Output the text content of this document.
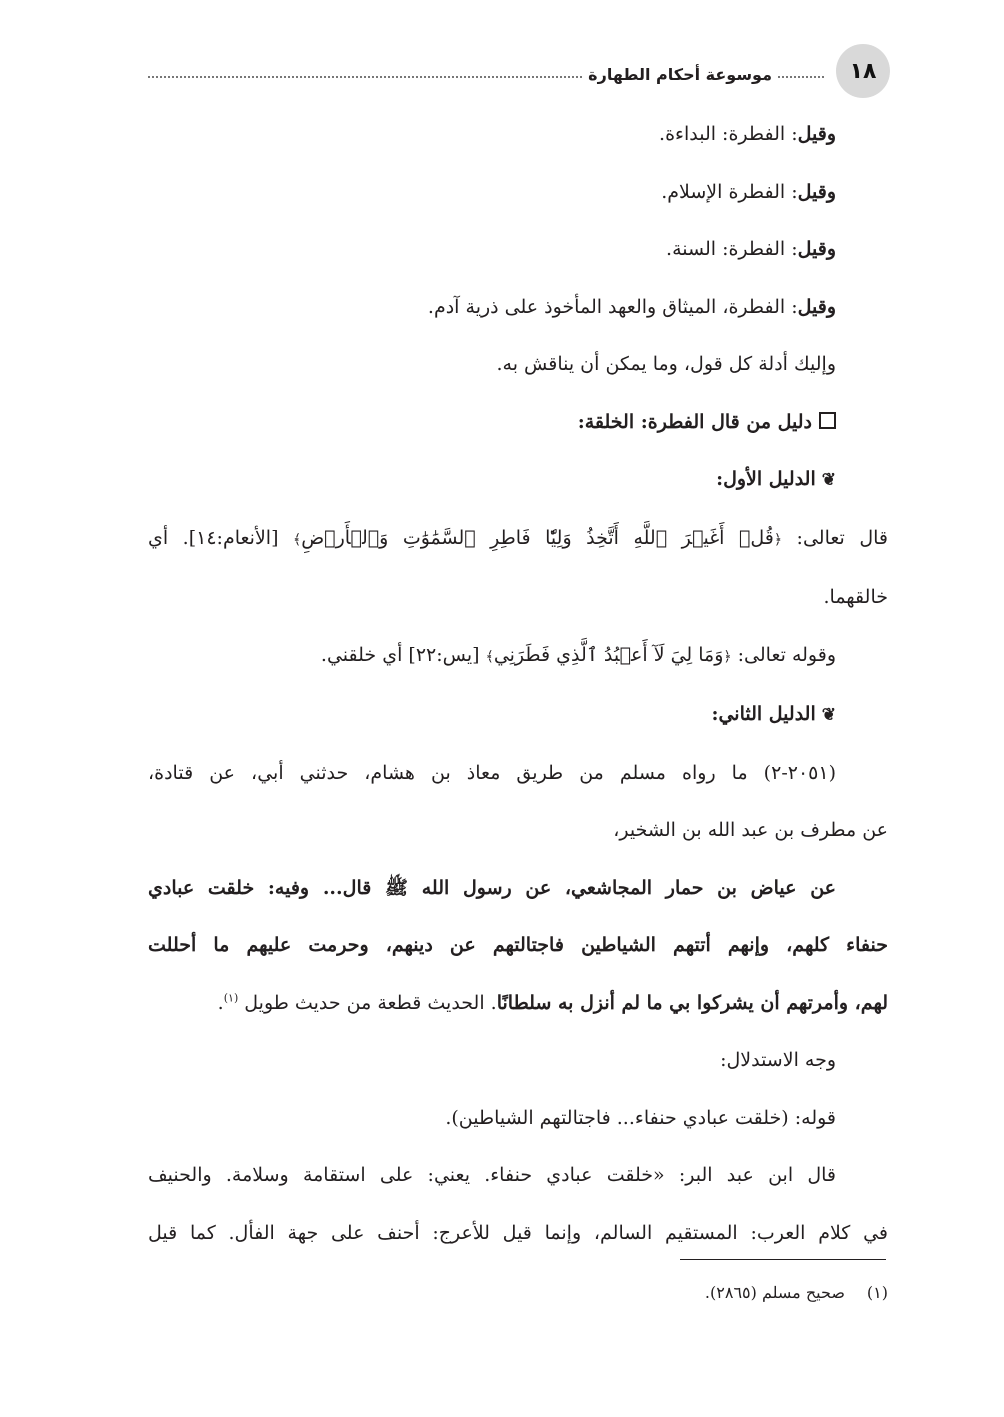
١٨
موسوعة أحكام الطهارة

وقيل: الفطرة: البداءة.

وقيل: الفطرة الإسلام.

وقيل: الفطرة: السنة.

وقيل: الفطرة، الميثاق والعهد المأخوذ على ذرية آدم.

وإليك أدلة كل قول، وما يمكن أن يناقش به.

دليل من قال الفطرة: الخلقة:

❦الدليل الأول:

قال تعالى: ﴿قُلۡ أَغَيۡرَ ٱللَّهِ أَتَّخِذُ وَلِيّٗا فَاطِرِ ٱلسَّمَٰوَٰتِ وَٱلۡأَرۡضِ﴾ [الأنعام:١٤]. أي

خالقهما.

وقوله تعالى: ﴿وَمَا لِيَ لَآ أَعۡبُدُ ٱلَّذِي فَطَرَنِي﴾ [يس:٢٢] أي خلقني.

❦الدليل الثاني:

(٢٠٥١-٢) ما رواه مسلم من طريق معاذ بن هشام، حدثني أبي، عن قتادة،

عن مطرف بن عبد الله بن الشخير،

عن عياض بن حمار المجاشعي، عن رسول الله ﷺ قال... وفيه: خلقت عبادي

حنفاء كلهم، وإنهم أتتهم الشياطين فاجتالتهم عن دينهم، وحرمت عليهم ما أحللت

لهم، وأمرتهم أن يشركوا بي ما لم أنزل به سلطانًا. الحديث قطعة من حديث طويل $^{(١)}$.

وجه الاستدلال:

قوله: (خلقت عبادي حنفاء... فاجتالتهم الشياطين).

قال ابن عبد البر: «خلقت عبادي حنفاء. يعني: على استقامة وسلامة. والحنيف

في كلام العرب: المستقيم السالم، وإنما قيل للأعرج: أحنف على جهة الفأل. كما قيل

(١)صحيح مسلم (٢٨٦٥).
